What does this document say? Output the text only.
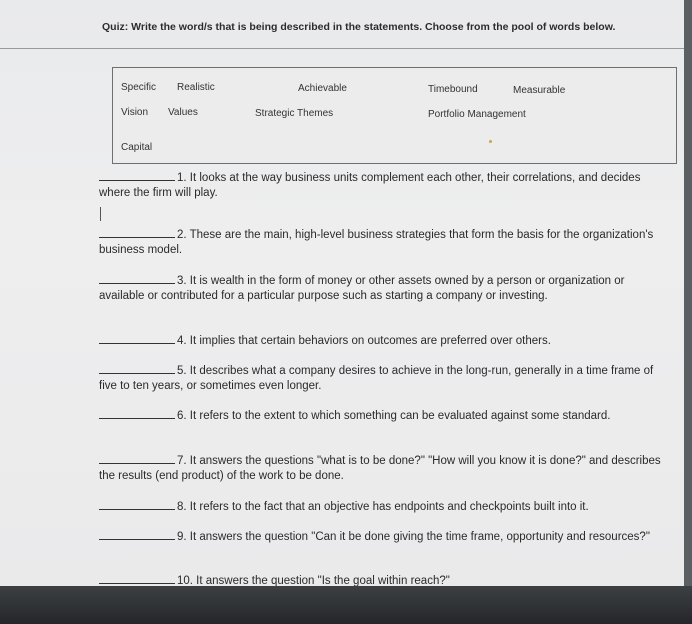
Quiz: Write the word/s that is being described in the statements. Choose from the pool of words below.
Specific Realistic	Achievable	Timebound	Measurable
Vision Values	Strategic Themes	Portfolio Management
Capital
1. It looks at the way business units complement each other, their correlations, and decides where the firm will play.
2. These are the main, high-level business strategies that form the basis for the organization's business model.
3. It is wealth in the form of money or other assets owned by a person or organization or available or contributed for a particular purpose such as starting a company or investing.
4. It implies that certain behaviors on outcomes are preferred over others.
5. It describes what a company desires to achieve in the long-run, generally in a time frame of five to ten years, or sometimes even longer.
6. It refers to the extent to which something can be evaluated against some standard.
7. It answers the questions "what is to be done?" "How will you know it is done?" and describes the results (end product) of the work to be done.
8. It refers to the fact that an objective has endpoints and checkpoints built into it.
9. It answers the question "Can it be done giving the time frame, opportunity and resources?"
10. It answers the question "Is the goal within reach?"
